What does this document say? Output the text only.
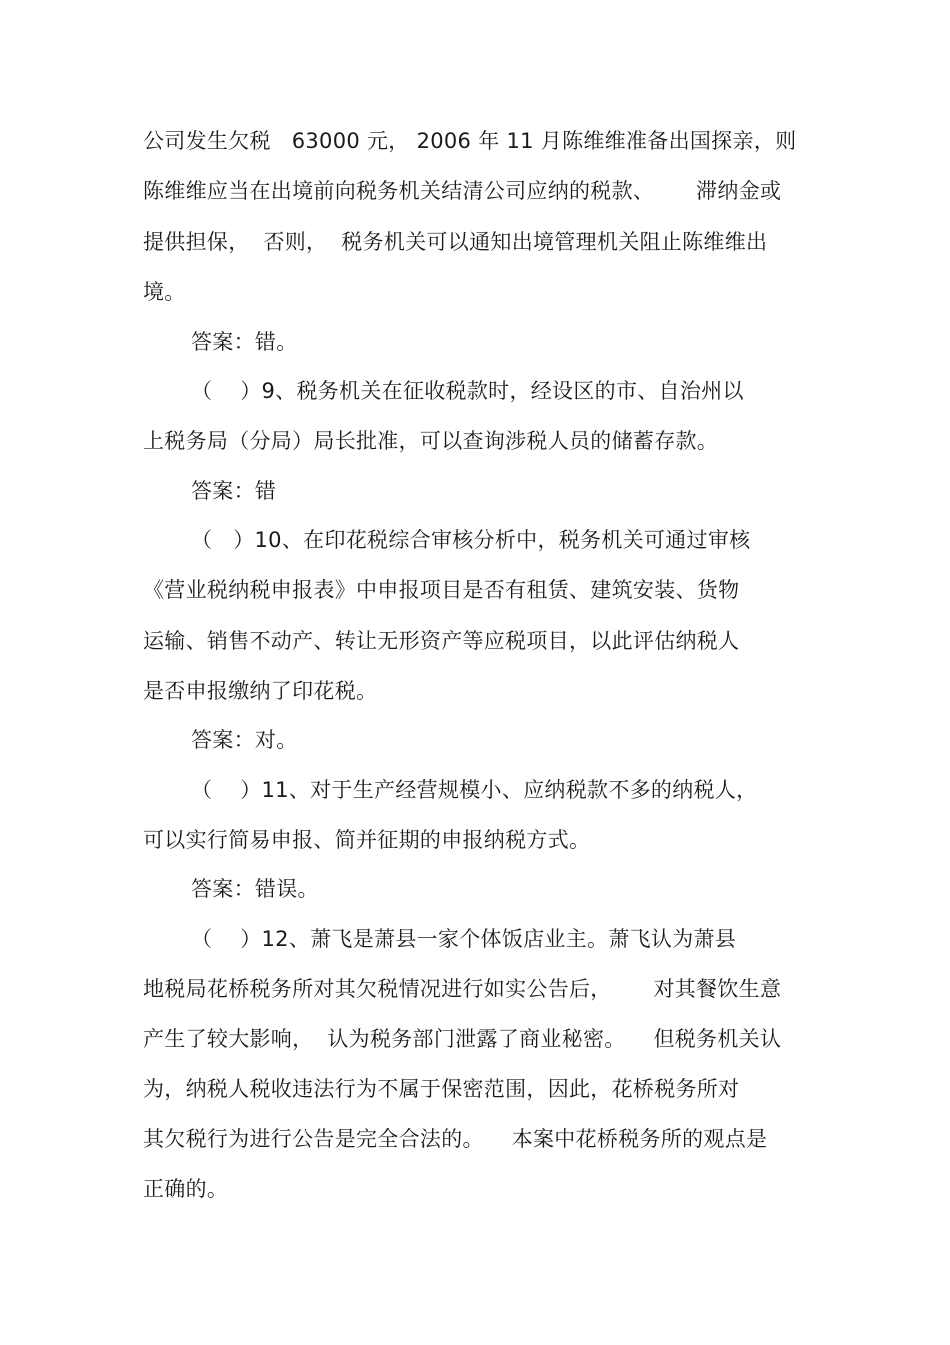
公司发生欠税   63000 元， 2006 年 11 月陈维维准备出国探亲，则
陈维维应当在出境前向税务机关结清公司应纳的税款、      滞纳金或
提供担保，  否则，  税务机关可以通知出境管理机关阻止陈维维出
境。
答案：错。
（    ）9、税务机关在征收税款时，经设区的市、自治州以
上税务局（分局）局长批准，可以查询涉税人员的储蓄存款。
答案：错
（   ）10、在印花税综合审核分析中，税务机关可通过审核
《营业税纳税申报表》中申报项目是否有租赁、建筑安装、货物
运输、销售不动产、转让无形资产等应税项目，以此评估纳税人
是否申报缴纳了印花税。
答案：对。
（    ）11、对于生产经营规模小、应纳税款不多的纳税人，
可以实行简易申报、简并征期的申报纳税方式。
答案：错误。
（    ）12、萧飞是萧县一家个体饭店业主。萧飞认为萧县
地税局花桥税务所对其欠税情况进行如实公告后，      对其餐饮生意
产生了较大影响，  认为税务部门泄露了商业秘密。    但税务机关认
为，纳税人税收违法行为不属于保密范围，因此，花桥税务所对
其欠税行为进行公告是完全合法的。    本案中花桥税务所的观点是
正确的。
